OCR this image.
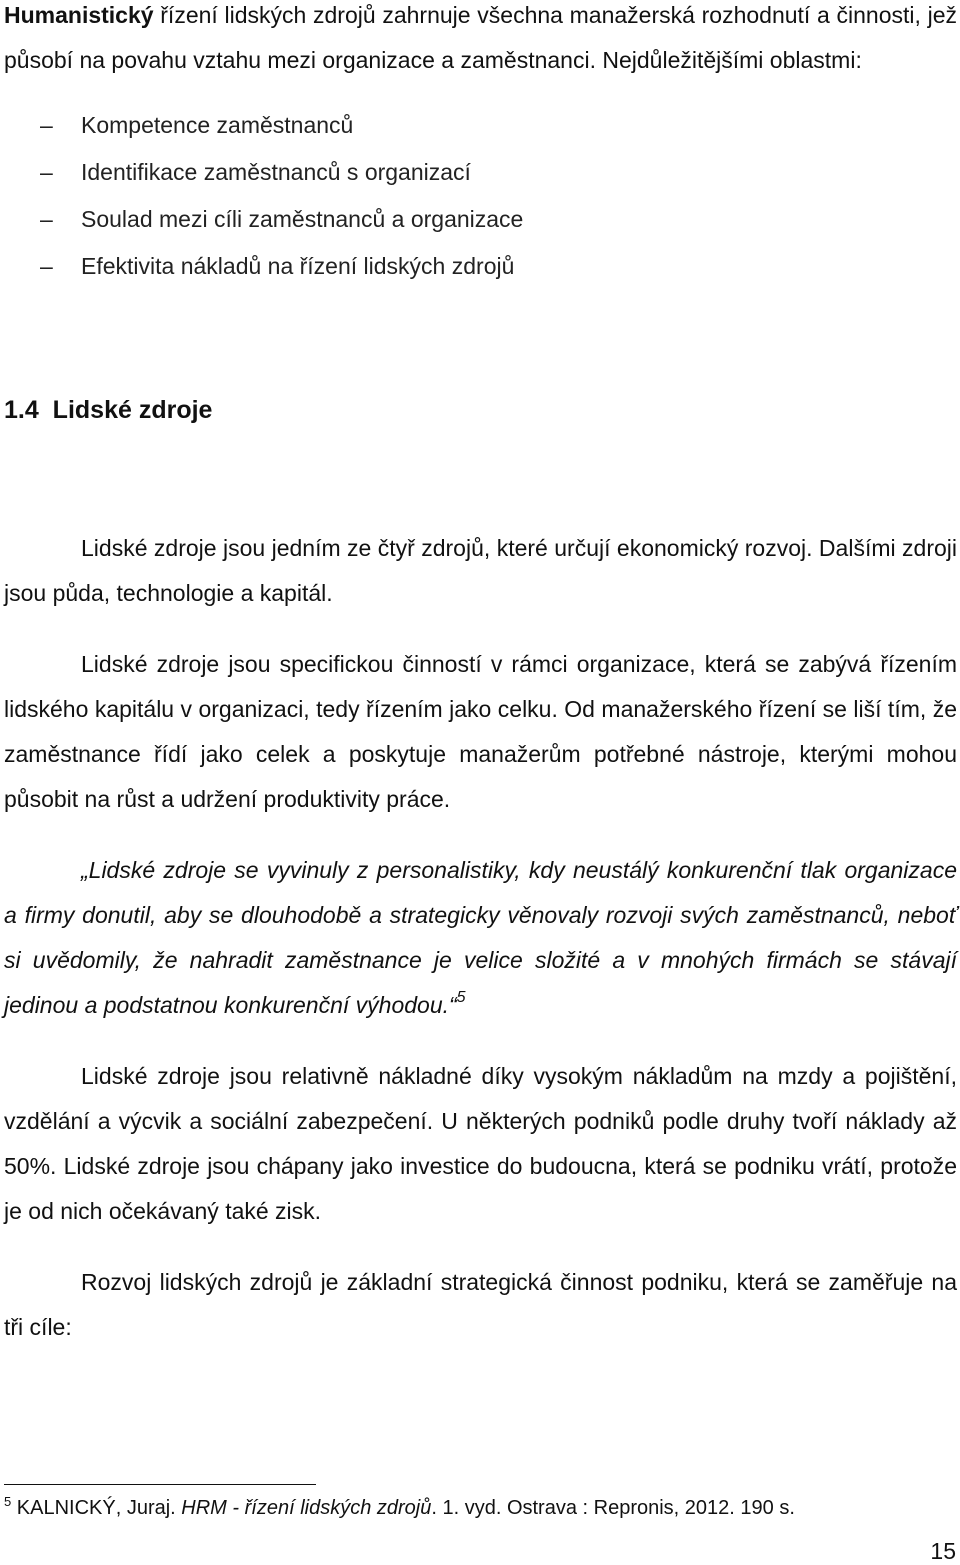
Humanistický řízení lidských zdrojů zahrnuje všechna manažerská rozhodnutí a činnosti, jež působí na povahu vztahu mezi organizace a zaměstnanci. Nejdůležitějšími oblastmi:

– Kompetence zaměstnanců
– Identifikace zaměstnanců s organizací
– Soulad mezi cíli zaměstnanců a organizace
– Efektivita nákladů na řízení lidských zdrojů
1.4 Lidské zdroje

Lidské zdroje jsou jedním ze čtyř zdrojů, které určují ekonomický rozvoj. Dalšími zdroji jsou půda, technologie a kapitál.

Lidské zdroje jsou specifickou činností v rámci organizace, která se zabývá řízením lidského kapitálu v organizaci, tedy řízením jako celku. Od manažerského řízení se liší tím, že zaměstnance řídí jako celek a poskytuje manažerům potřebné nástroje, kterými mohou působit na růst a udržení produktivity práce.

„Lidské zdroje se vyvinuly z personalistiky, kdy neustálý konkurenční tlak organizace a firmy donutil, aby se dlouhodobě a strategicky věnovaly rozvoji svých zaměstnanců, neboť si uvědomily, že nahradit zaměstnance je velice složité a v mnohých firmách se stávají jedinou a podstatnou konkurenční výhodou.“$^5$

Lidské zdroje jsou relativně nákladné díky vysokým nákladům na mzdy a pojištění, vzdělání a výcvik a sociální zabezpečení. U některých podniků podle druhy tvoří náklady až 50%. Lidské zdroje jsou chápany jako investice do budoucna, která se podniku vrátí, protože je od nich očekávaný také zisk.

Rozvoj lidských zdrojů je základní strategická činnost podniku, která se zaměřuje na tři cíle:

$^5$ KALNICKÝ, Juraj. HRM - řízení lidských zdrojů. 1. vyd. Ostrava : Repronis, 2012. 190 s.
15
